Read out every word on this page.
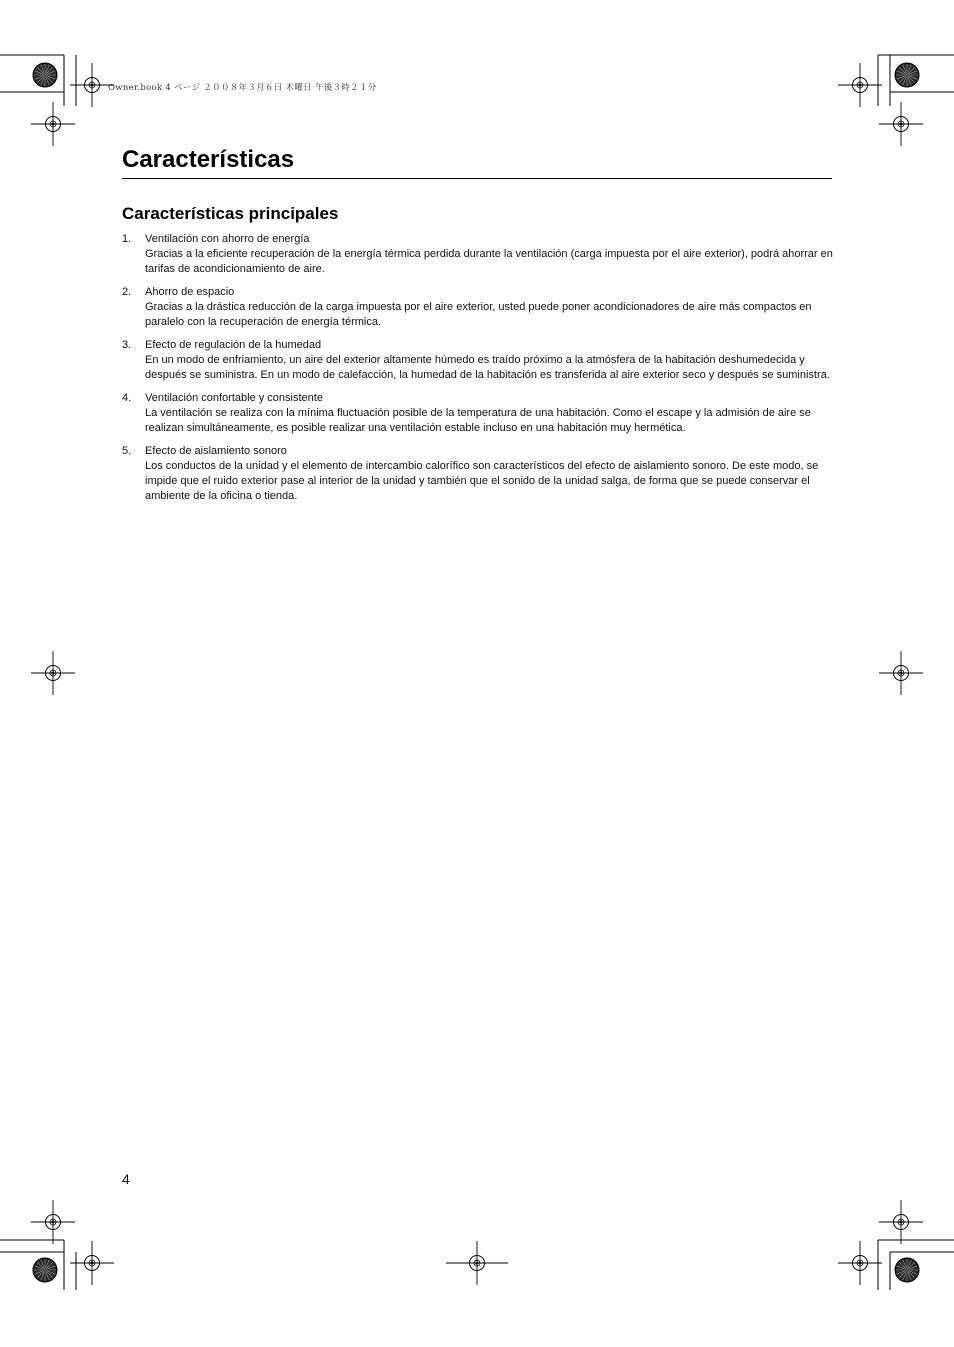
Owner.book 4 ページ ２００８年３月６日 木曜日 午後３時２１分
Características
Características principales
1. Ventilación con ahorro de energía
Gracias a la eficiente recuperación de la energía térmica perdida durante la ventilación (carga impuesta por el aire exterior), podrá ahorrar en tarifas de acondicionamiento de aire.
2. Ahorro de espacio
Gracias a la drástica reducción de la carga impuesta por el aire exterior, usted puede poner acondicionadores de aire más compactos en paralelo con la recuperación de energía térmica.
3. Efecto de regulación de la humedad
En un modo de enfriamiento, un aire del exterior altamente húmedo es traído próximo a la atmósfera de la habitación deshumedecida y después se suministra. En un modo de calefacción, la humedad de la habitación es transferida al aire exterior seco y después se suministra.
4. Ventilación confortable y consistente
La ventilación se realiza con la mínima fluctuación posible de la temperatura de una habitación. Como el escape y la admisión de aire se realizan simultáneamente, es posible realizar una ventilación estable incluso en una habitación muy hermética.
5. Efecto de aislamiento sonoro
Los conductos de la unidad y el elemento de intercambio calorífico son característicos del efecto de aislamiento sonoro. De este modo, se impide que el ruido exterior pase al interior de la unidad y también que el sonido de la unidad salga, de forma que se puede conservar el ambiente de la oficina o tienda.
4
